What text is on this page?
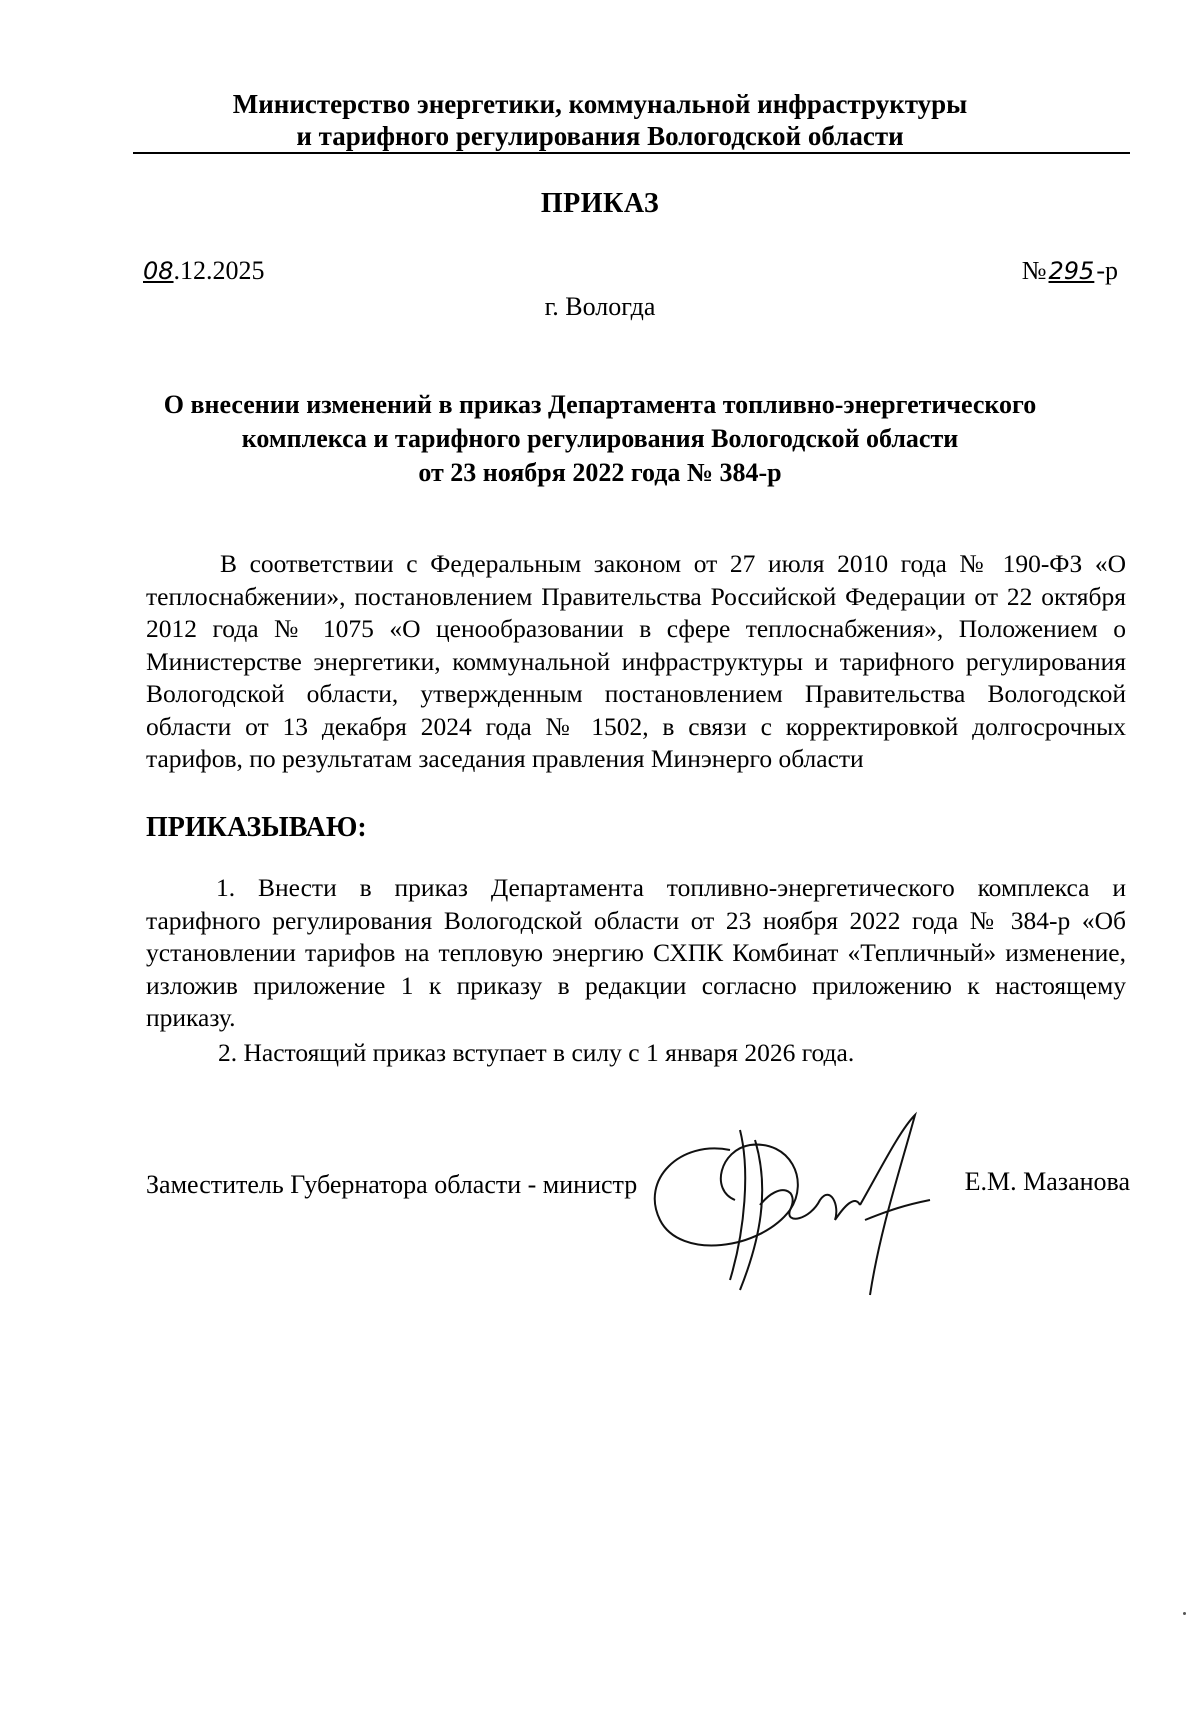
Министерство энергетики, коммунальной инфраструктуры
и тарифного регулирования Вологодской области
ПРИКАЗ
08.12.2025	№295-р
г. Вологда
О внесении изменений в приказ Департамента топливно-энергетического
комплекса и тарифного регулирования Вологодской области
от 23 ноября 2022 года № 384-р
В соответствии с Федеральным законом от 27 июля 2010 года № 190-ФЗ «О теплоснабжении», постановлением Правительства Российской Федерации от 22 октября 2012 года № 1075 «О ценообразовании в сфере теплоснабжения», Положением о Министерстве энергетики, коммунальной инфраструктуры и тарифного регулирования Вологодской области, утвержденным постановлением Правительства Вологодской области от 13 декабря 2024 года № 1502, в связи с корректировкой долгосрочных тарифов, по результатам заседания правления Минэнерго области
ПРИКАЗЫВАЮ:
1. Внести в приказ Департамента топливно-энергетического комплекса и тарифного регулирования Вологодской области от 23 ноября 2022 года № 384-р «Об установлении тарифов на тепловую энергию СХПК Комбинат «Тепличный» изменение, изложив приложение 1 к приказу в редакции согласно приложению к настоящему приказу.
2. Настоящий приказ вступает в силу с 1 января 2026 года.
Заместитель Губернатора области - министр	Е.М. Мазанова
